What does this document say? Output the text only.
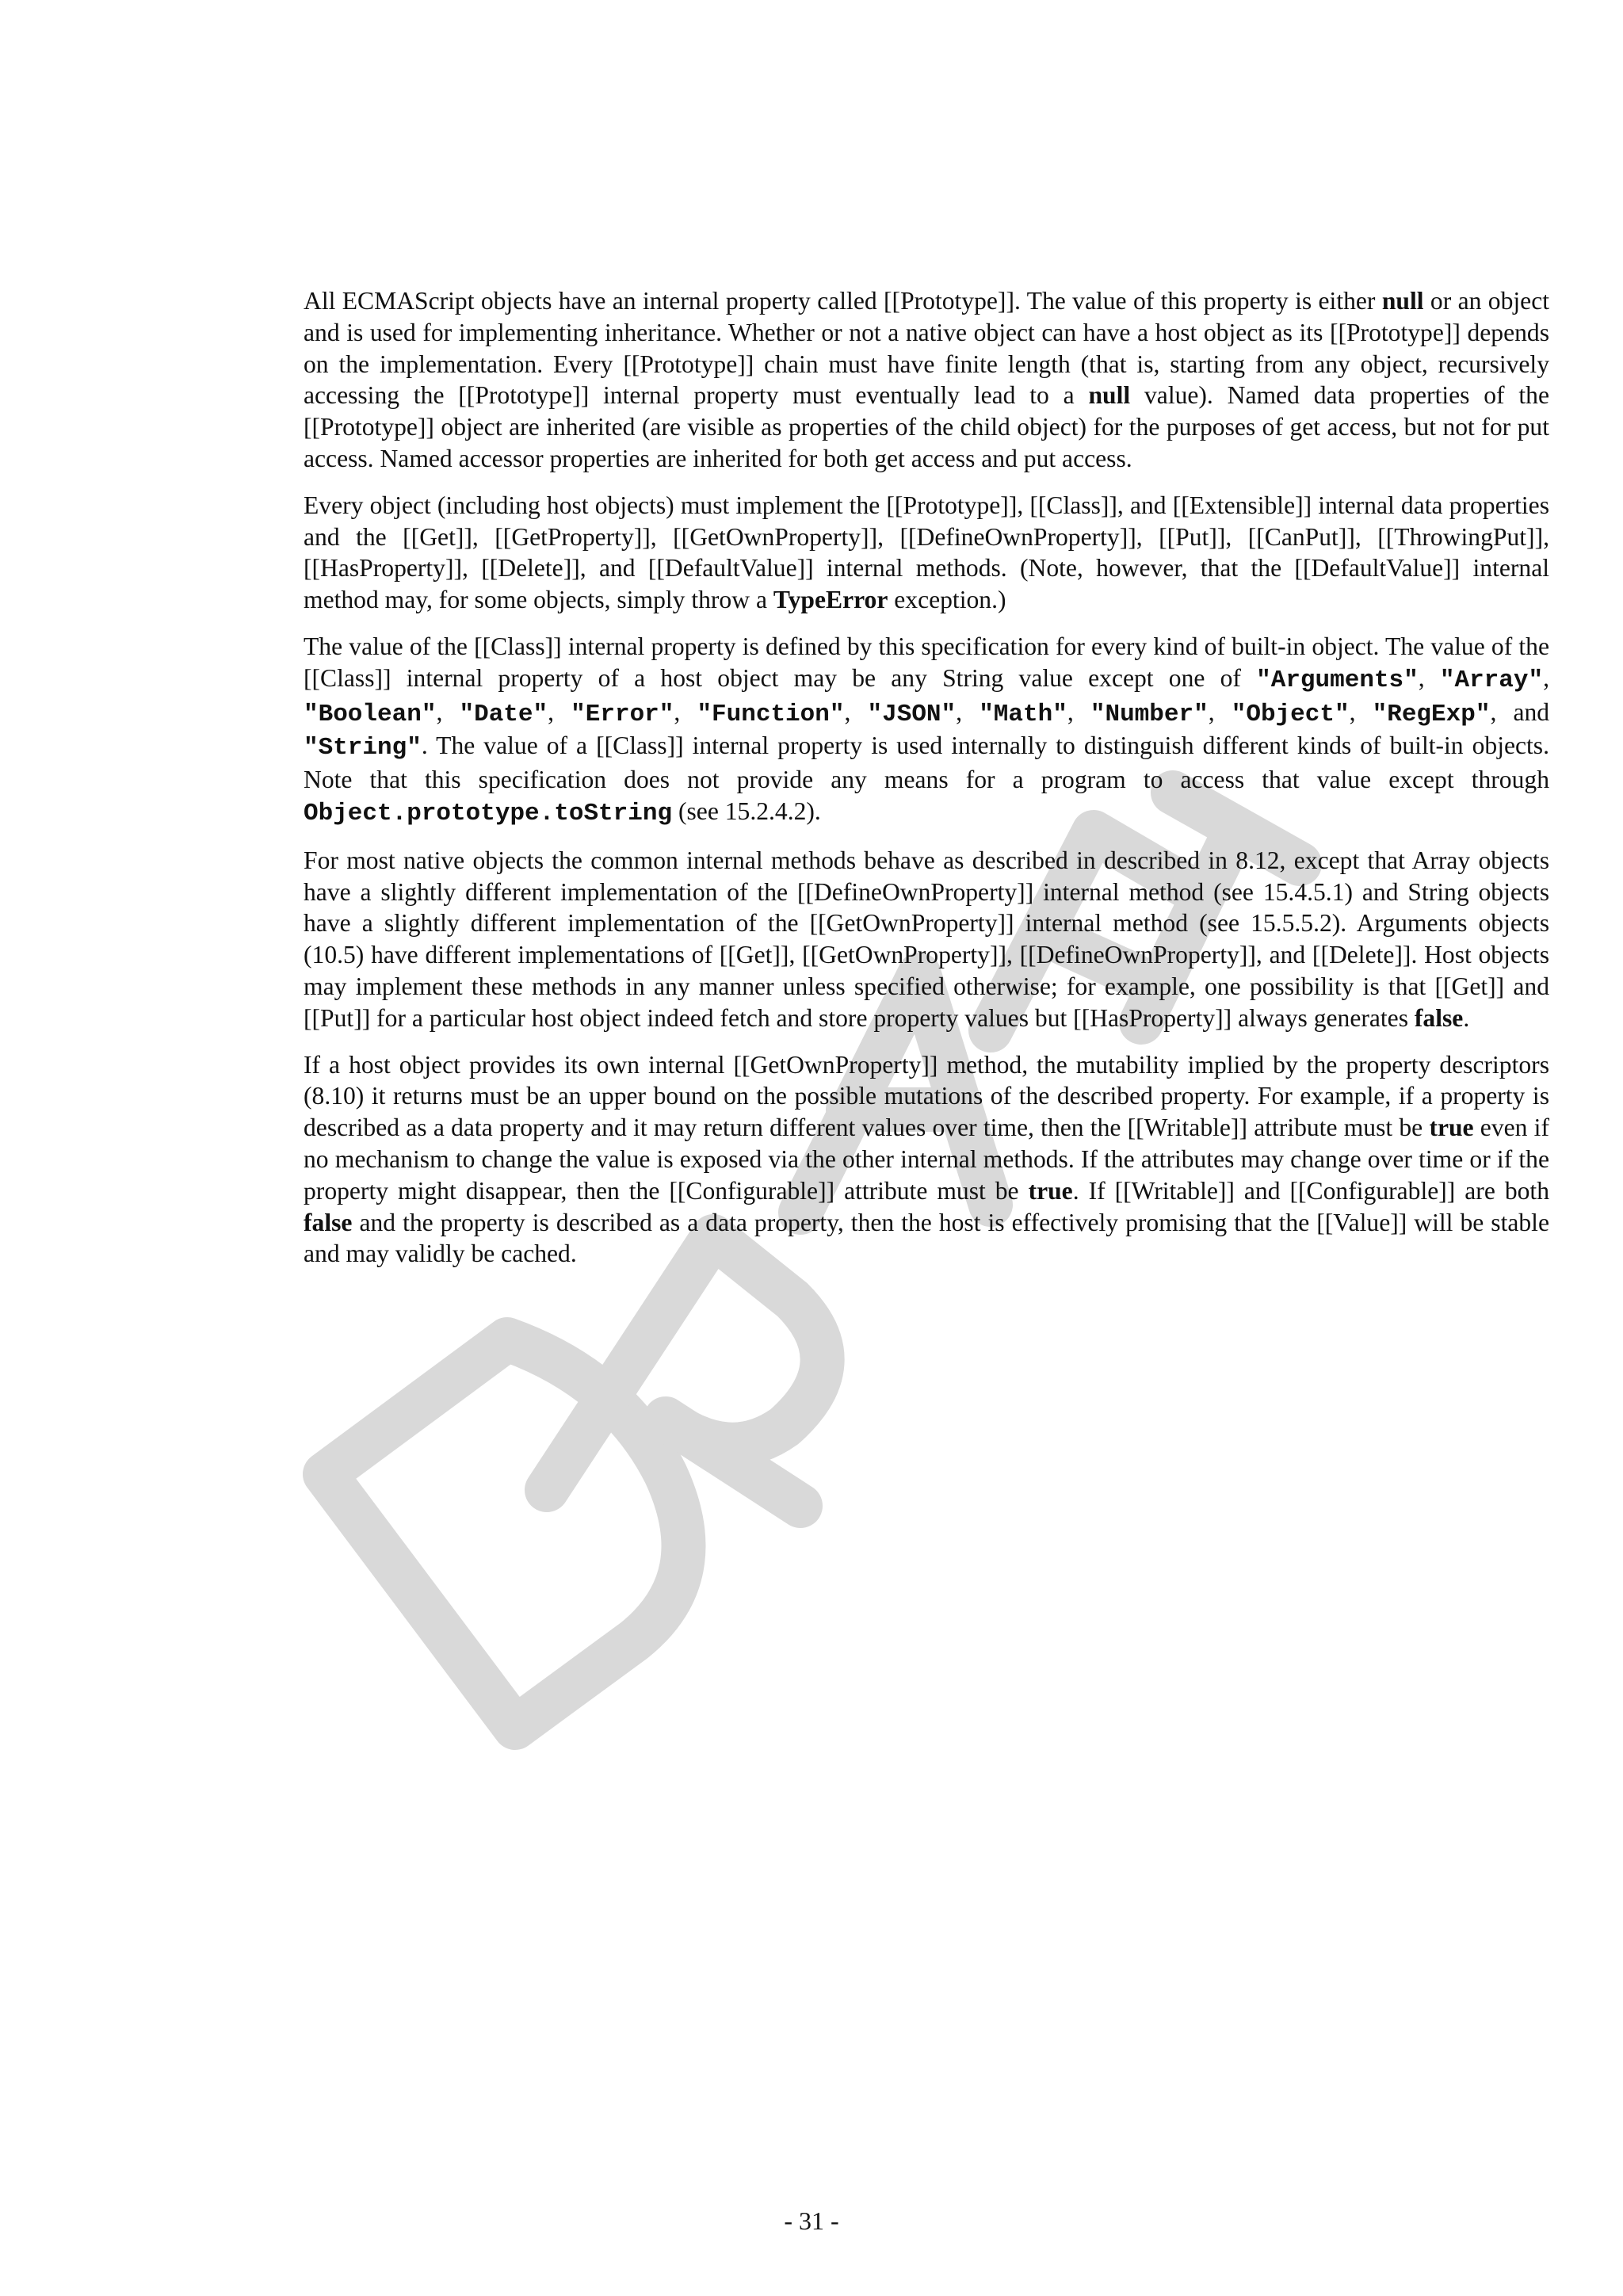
All ECMAScript objects have an internal property called [[Prototype]]. The value of this property is either null or an object and is used for implementing inheritance. Whether or not a native object can have a host object as its [[Prototype]] depends on the implementation. Every [[Prototype]] chain must have finite length (that is, starting from any object, recursively accessing the [[Prototype]] internal property must eventually lead to a null value). Named data properties of the [[Prototype]] object are inherited (are visible as properties of the child object) for the purposes of get access, but not for put access. Named accessor properties are inherited for both get access and put access.

Every object (including host objects) must implement the [[Prototype]], [[Class]], and [[Extensible]] internal data properties and the [[Get]], [[GetProperty]], [[GetOwnProperty]], [[DefineOwnProperty]], [[Put]], [[CanPut]], [[ThrowingPut]], [[HasProperty]], [[Delete]], and [[DefaultValue]] internal methods. (Note, however, that the [[DefaultValue]] internal method may, for some objects, simply throw a TypeError exception.)

The value of the [[Class]] internal property is defined by this specification for every kind of built-in object. The value of the [[Class]] internal property of a host object may be any String value except one of "Arguments", "Array", "Boolean", "Date", "Error", "Function", "JSON", "Math", "Number", "Object", "RegExp", and "String". The value of a [[Class]] internal property is used internally to distinguish different kinds of built-in objects. Note that this specification does not provide any means for a program to access that value except through Object.prototype.toString (see 15.2.4.2).

For most native objects the common internal methods behave as described in described in 8.12, except that Array objects have a slightly different implementation of the [[DefineOwnProperty]] internal method (see 15.4.5.1) and String objects have a slightly different implementation of the [[GetOwnProperty]] internal method (see 15.5.5.2). Arguments objects (10.5) have different implementations of [[Get]], [[GetOwnProperty]], [[DefineOwnProperty]], and [[Delete]]. Host objects may implement these methods in any manner unless specified otherwise; for example, one possibility is that [[Get]] and [[Put]] for a particular host object indeed fetch and store property values but [[HasProperty]] always generates false.

If a host object provides its own internal [[GetOwnProperty]] method, the mutability implied by the property descriptors (8.10) it returns must be an upper bound on the possible mutations of the described property. For example, if a property is described as a data property and it may return different values over time, then the [[Writable]] attribute must be true even if no mechanism to change the value is exposed via the other internal methods. If the attributes may change over time or if the property might disappear, then the [[Configurable]] attribute must be true. If [[Writable]] and [[Configurable]] are both false and the property is described as a data property, then the host is effectively promising that the [[Value]] will be stable and may validly be cached.

- 31 -
